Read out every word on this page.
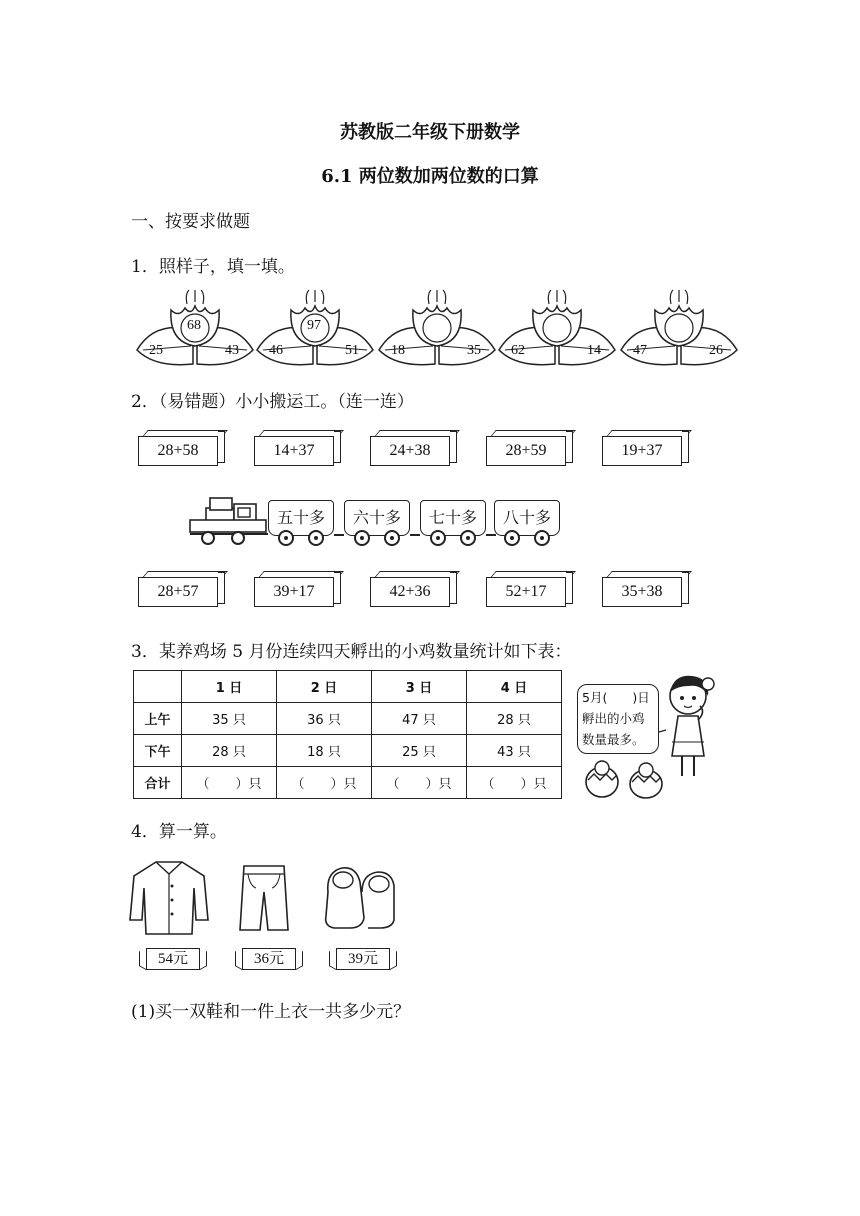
苏教版二年级下册数学
6.1 两位数加两位数的口算
一、按要求做题
1．照样子，填一填。
68
25	43
97
46	51 18	35 62	14 47	26
2．（易错题）小小搬运工。（连一连）
28+58	14+37	24+38	28+59	19+37
五十多	六十多	七十多	八十多
28+57	39+17	42+36	52+17	35+38
3．某养鸡场 5 月份连续四天孵出的小鸡数量统计如下表：
	1 日	2 日	3 日	4 日
上午	35 只	36 只	47 只	28 只
下午	28 只	18 只	25 只	43 只
合计	（　　）只	（　　）只	（　　）只	（　　）只
5月(　　)日
孵出的小鸡
数量最多。
4．算一算。
54元	36元	39元
(1)买一双鞋和一件上衣一共多少元？
